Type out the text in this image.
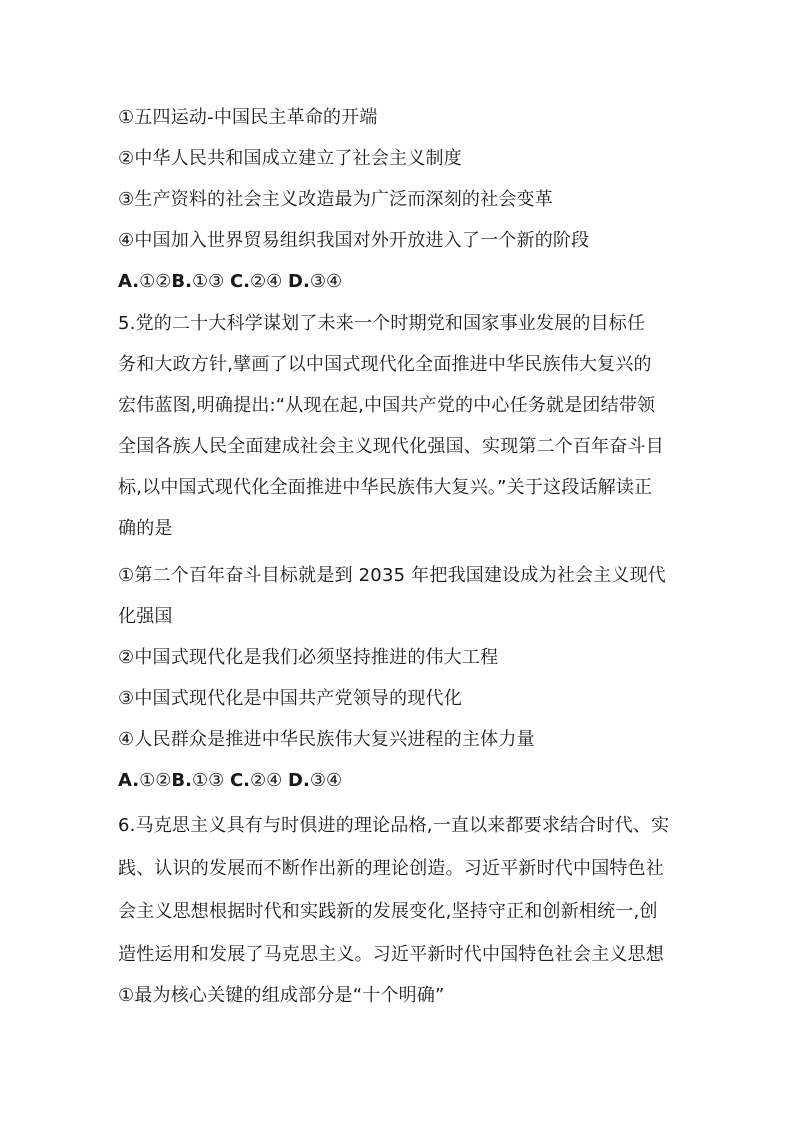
①五四运动-中国民主革命的开端
②中华人民共和国成立建立了社会主义制度
③生产资料的社会主义改造最为广泛而深刻的社会变革
④中国加入世界贸易组织我国对外开放进入了一个新的阶段
A.①②B.①③ C.②④ D.③④
5.党的二十大科学谋划了未来一个时期党和国家事业发展的目标任
务和大政方针,擘画了以中国式现代化全面推进中华民族伟大复兴的
宏伟蓝图,明确提出:“从现在起,中国共产党的中心任务就是团结带领
全国各族人民全面建成社会主义现代化强国、实现第二个百年奋斗目
标,以中国式现代化全面推进中华民族伟大复兴。”关于这段话解读正
确的是
①第二个百年奋斗目标就是到 2035 年把我国建设成为社会主义现代
化强国
②中国式现代化是我们必须坚持推进的伟大工程
③中国式现代化是中国共产党领导的现代化
④人民群众是推进中华民族伟大复兴进程的主体力量
A.①②B.①③ C.②④ D.③④
6.马克思主义具有与时俱进的理论品格,一直以来都要求结合时代、实
践、认识的发展而不断作出新的理论创造。习近平新时代中国特色社
会主义思想根据时代和实践新的发展变化,坚持守正和创新相统一,创
造性运用和发展了马克思主义。习近平新时代中国特色社会主义思想
①最为核心关键的组成部分是“十个明确”
